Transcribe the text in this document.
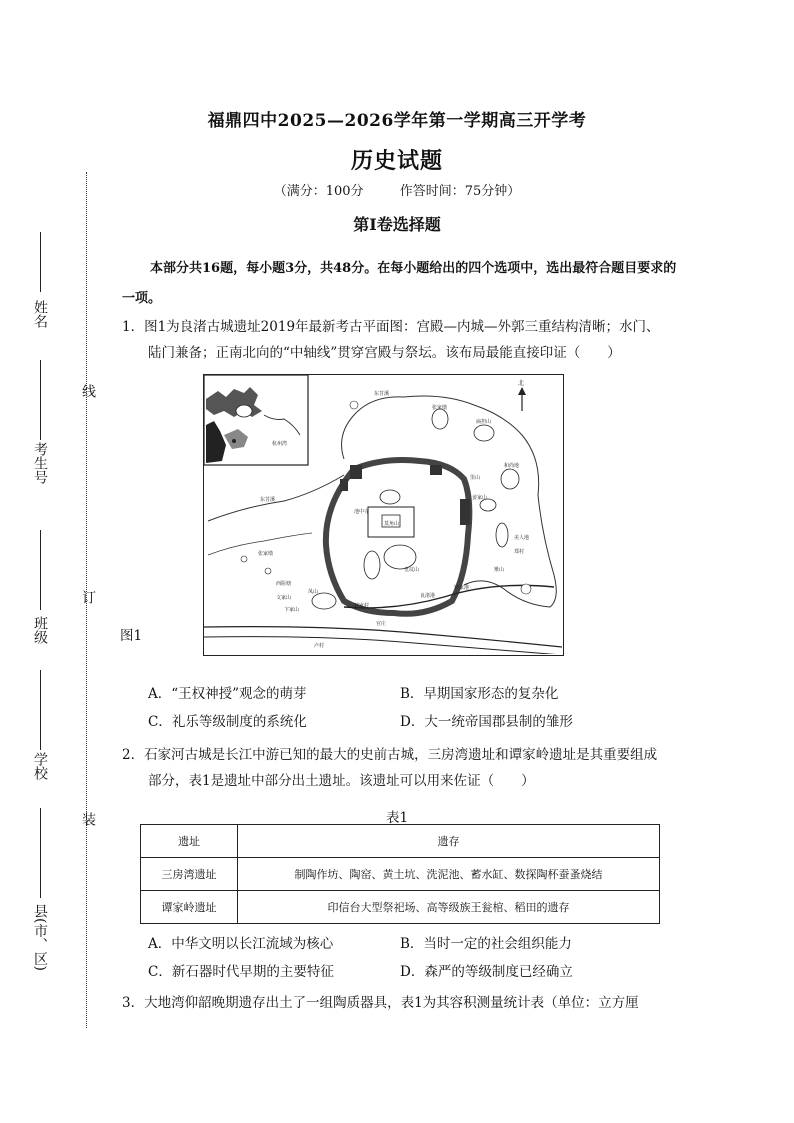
福鼎四中2025—2026学年第一学期高三开学考
历史试题
（满分：100分	作答时间：75分钟）
第I卷选择题
本部分共16题，每小题3分，共48分。在每小题给出的四个选项中，选出最符合题目要求的一项。
姓名
考生号
班级
学校
县(市、区)
线
订
装
1．图1为良渚古城遗址2019年最新考古平面图：宫殿—内城—外郭三重结构清晰；水门、
陆门兼备；正南北向的“中轴线”贯穿宫殿与祭坛。该布局最能直接印证（　　）
杭州湾
太湖
北
莫角山
皇坟山
池中寺
张家墩
扁担山
和尚地
姜家山
美人地
里山
郑村
雉山
凤山
西险塘
文家山
卞家山
张家墩
东苕溪
东苕溪
良渚港
钟家港
钟家村
官庄
卢村
图1
A．“王权神授”观念的萌芽	B．早期国家形态的复杂化
C．礼乐等级制度的系统化	D．大一统帝国郡县制的雏形
2．石家河古城是长江中游已知的最大的史前古城，三房湾遗址和谭家岭遗址是其重要组成
部分，表1是遗址中部分出土遗址。该遗址可以用来佐证（　　）
表1
遗址	遗存
三房湾遗址	制陶作坊、陶窑、黄土坑、洗泥池、蓄水缸、数探陶杯蚕蚤烧结
谭家岭遗址	印信台大型祭祀场、高等级族王瓮棺、稻田的遗存
A．中华文明以长江流域为核心	B．当时一定的社会组织能力
C．新石器时代早期的主要特征	D．森严的等级制度已经确立
3．大地湾仰韶晚期遗存出土了一组陶质器具，表1为其容积测量统计表（单位：立方厘
